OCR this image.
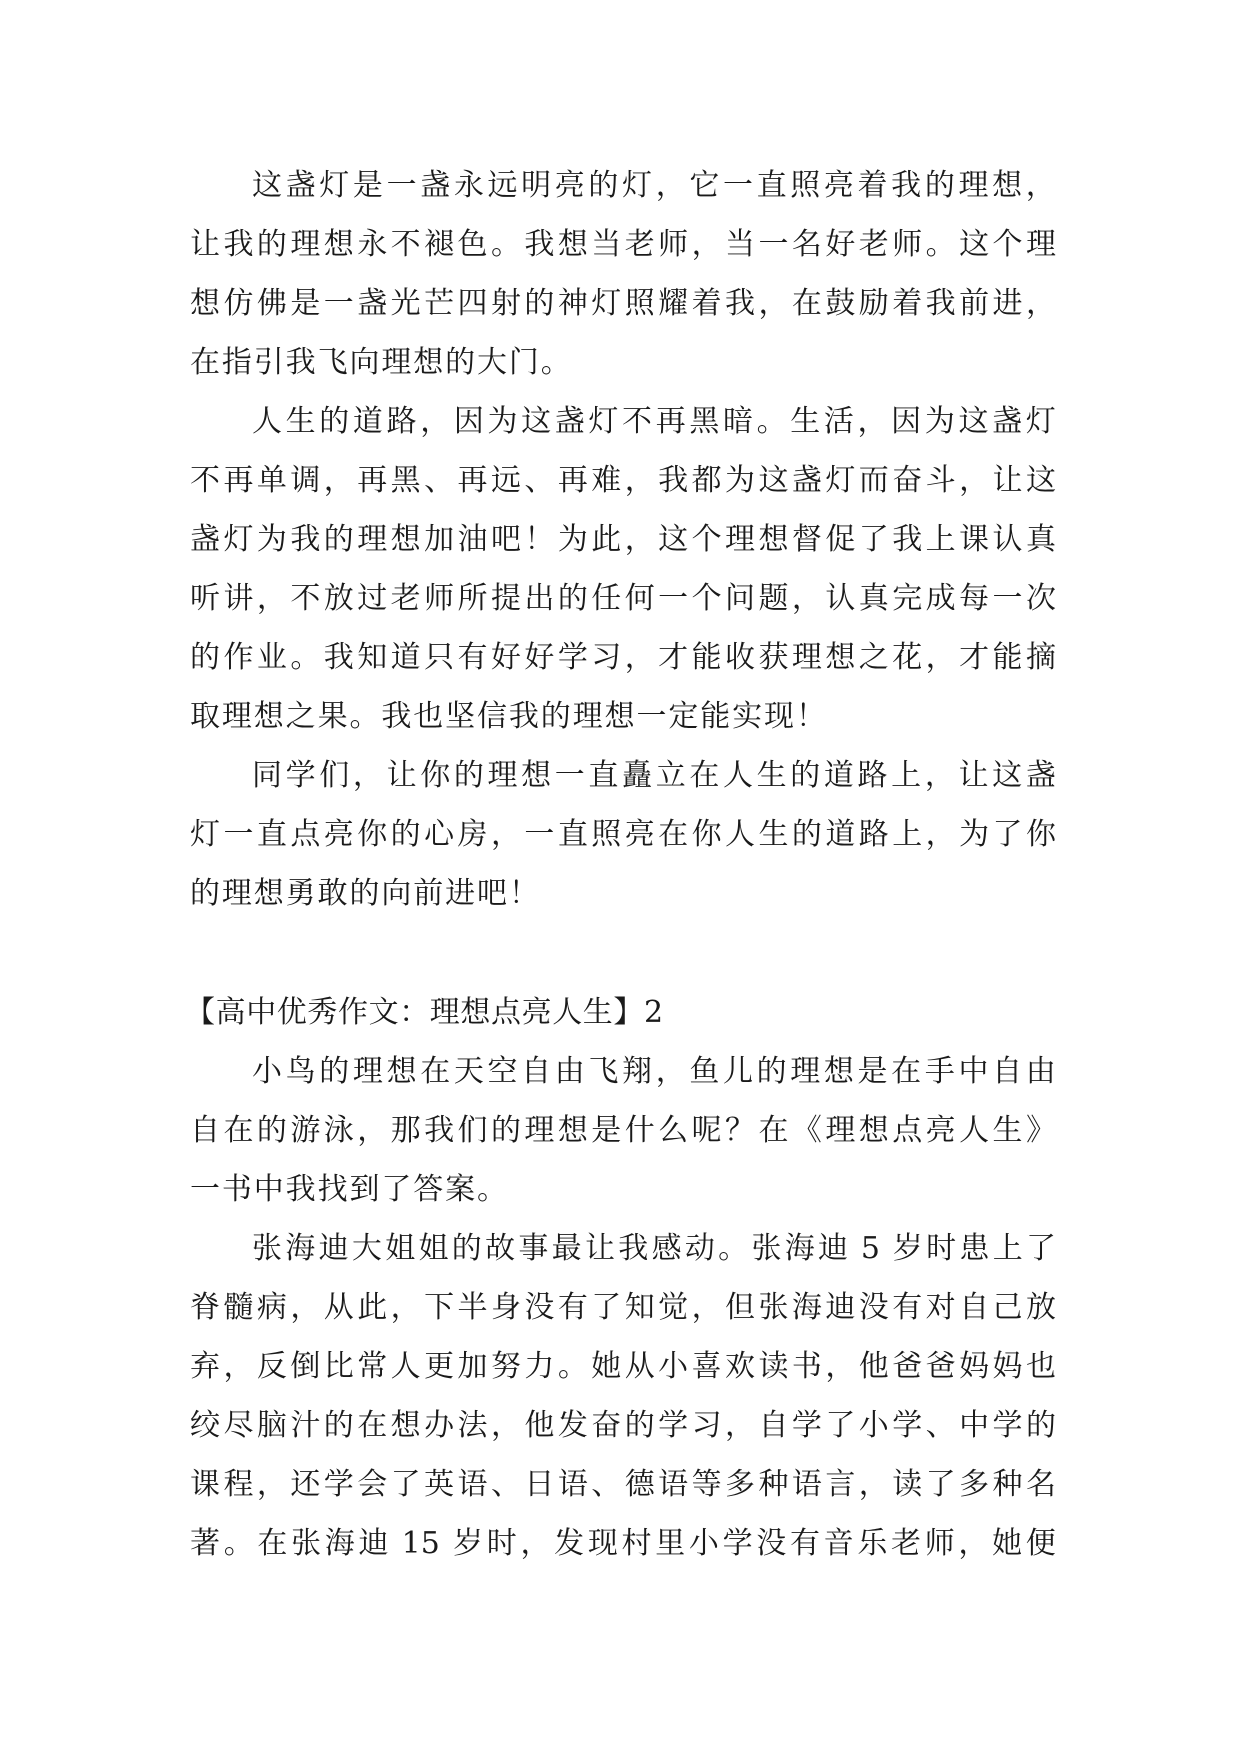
这 盏 灯 是 一 盏 永 远 明 亮 的 灯 ， 它 一 直 照 亮 着 我 的 理 想 ，
让 我 的 理 想 永 不 褪 色 。 我 想 当 老 师 ， 当 一 名 好 老 师 。 这 个 理
想 仿 佛 是 一 盏 光 芒 四 射 的 神 灯 照 耀 着 我 ， 在 鼓 励 着 我 前 进 ，
在 指 引 我 飞 向 理 想 的 大 门 。
人 生 的 道 路 ， 因 为 这 盏 灯 不 再 黑 暗 。 生 活 ， 因 为 这 盏 灯
不 再 单 调 ， 再 黑 、 再 远 、 再 难 ， 我 都 为 这 盏 灯 而 奋 斗 ， 让 这
盏 灯 为 我 的 理 想 加 油 吧 ！ 为 此 ， 这 个 理 想 督 促 了 我 上 课 认 真
听 讲 ， 不 放 过 老 师 所 提 出 的 任 何 一 个 问 题 ， 认 真 完 成 每 一 次
的 作 业 。 我 知 道 只 有 好 好 学 习 ， 才 能 收 获 理 想 之 花 ， 才 能 摘
取 理 想 之 果 。 我 也 坚 信 我 的 理 想 一 定 能 实 现 ！
同 学 们 ， 让 你 的 理 想 一 直 矗 立 在 人 生 的 道 路 上 ， 让 这 盏
灯 一 直 点 亮 你 的 心 房 ， 一 直 照 亮 在 你 人 生 的 道 路 上 ， 为 了 你
的 理 想 勇 敢 的 向 前 进 吧 ！
【高中优秀作文：理想点亮人生】2
小 鸟 的 理 想 在 天 空 自 由 飞 翔 ， 鱼 儿 的 理 想 是 在 手 中 自 由
自 在 的 游 泳 ， 那 我 们 的 理 想 是 什 么 呢 ？ 在 《 理 想 点 亮 人 生 》
一 书 中 我 找 到 了 答 案 。
张 海 迪 大 姐 姐 的 故 事 最 让 我 感 动 。 张 海 迪 5 岁 时 患 上 了
脊 髓 病 ， 从 此 ， 下 半 身 没 有 了 知 觉 ， 但 张 海 迪 没 有 对 自 己 放
弃 ， 反 倒 比 常 人 更 加 努 力 。 她 从 小 喜 欢 读 书 ， 他 爸 爸 妈 妈 也
绞 尽 脑 汁 的 在 想 办 法 ， 他 发 奋 的 学 习 ， 自 学 了 小 学 、 中 学 的
课 程 ， 还 学 会 了 英 语 、 日 语 、 德 语 等 多 种 语 言 ， 读 了 多 种 名
著 。 在 张 海 迪 15 岁 时 ， 发 现 村 里 小 学 没 有 音 乐 老 师 ， 她 便
